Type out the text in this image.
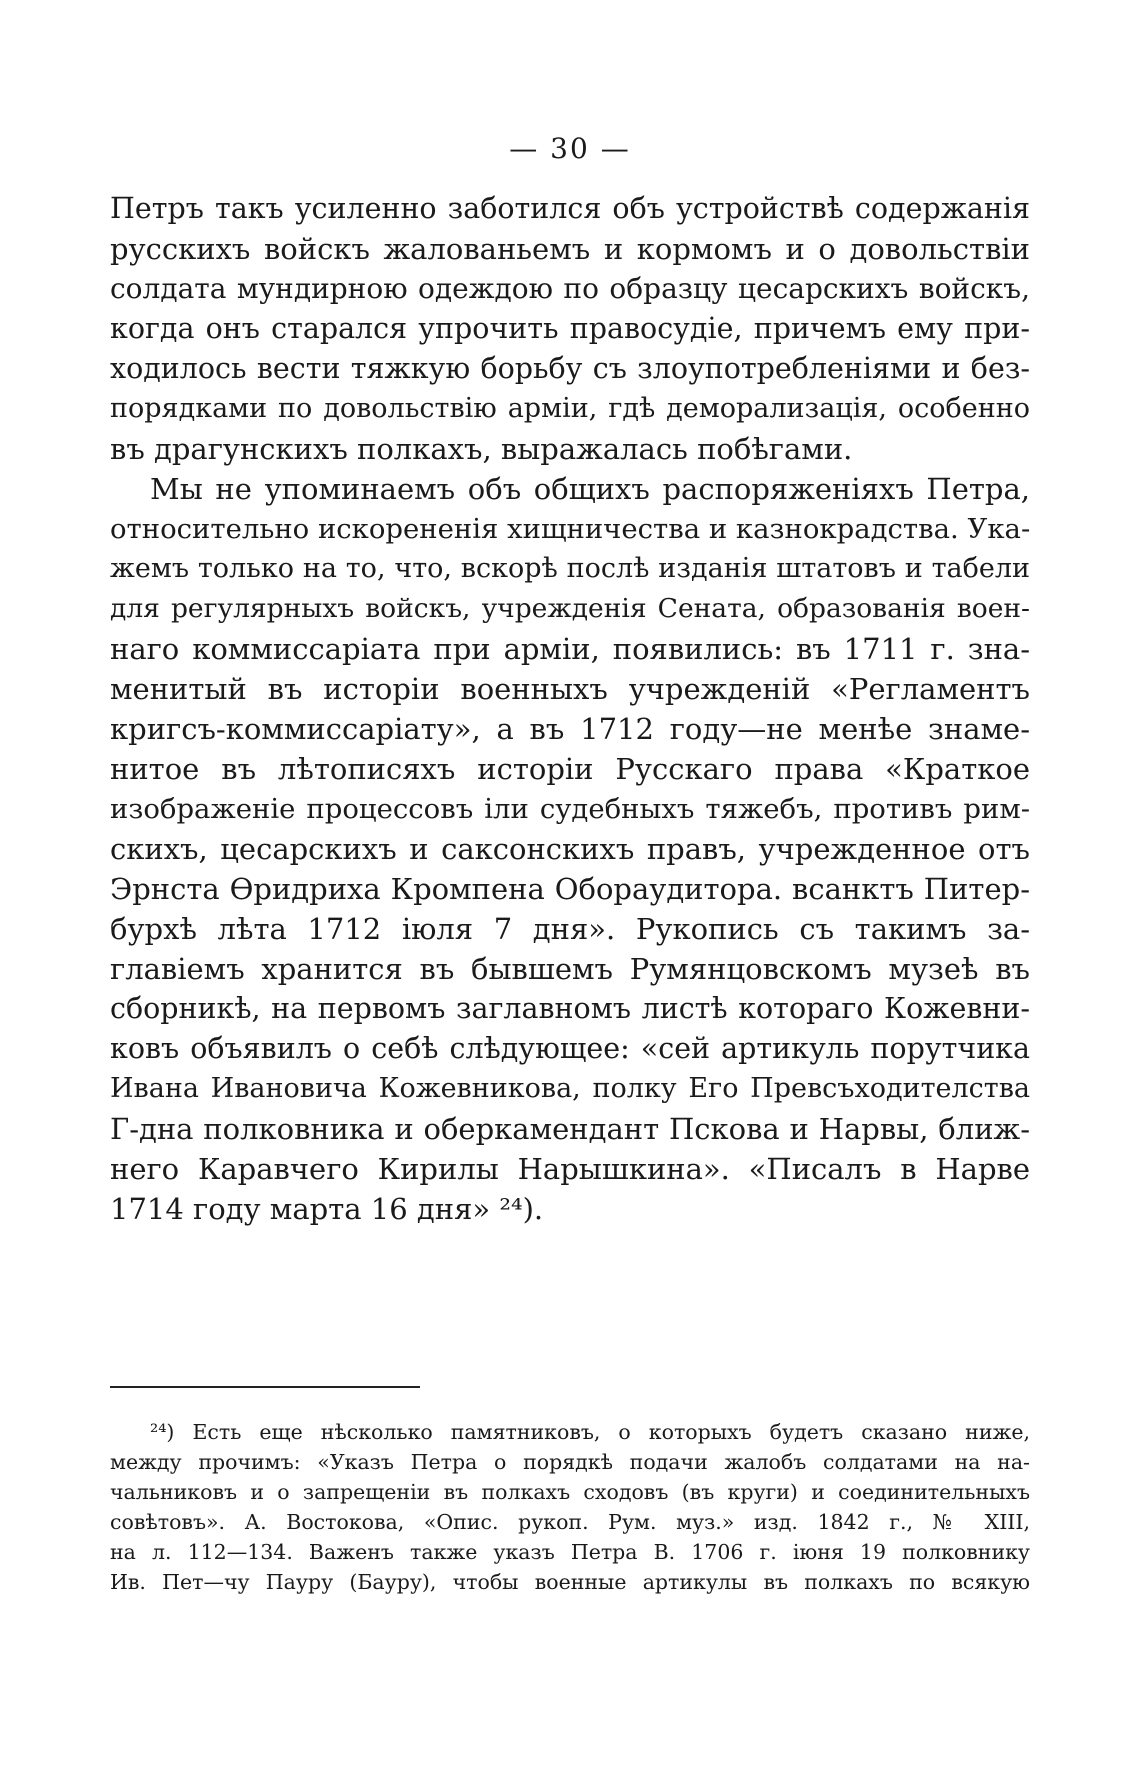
— 30 —
Петръ такъ усиленно заботился объ устройствѣ содержанія
русскихъ войскъ жалованьемъ и кормомъ и о довольствіи
солдата мундирною одеждою по образцу цесарскихъ войскъ,
когда онъ старался упрочить правосудіе, причемъ ему при-
ходилось вести тяжкую борьбу съ злоупотребленіями и без-
порядками по довольствію арміи, гдѣ деморализація, особенно
въ драгунскихъ полкахъ, выражалась побѣгами.
Мы не упоминаемъ объ общихъ распоряженіяхъ Петра,
относительно искорененія хищничества и казнокрадства. Ука-
жемъ только на то, что, вскорѣ послѣ изданія штатовъ и табели
для регулярныхъ войскъ, учрежденія Сената, образованія воен-
наго коммиссаріата при арміи, появились: въ 1711 г. зна-
менитый въ исторіи военныхъ учрежденій «Регламентъ
кригсъ-коммиссаріату», а въ 1712 году—не менѣе знаме-
нитое въ лѣтописяхъ исторіи Русскаго права «Краткое
изображеніе процессовъ іли судебныхъ тяжебъ, противъ рим-
скихъ, цесарскихъ и саксонскихъ правъ, учрежденное отъ
Эрнста Өридриха Кромпена Обораудитора. всанктъ Питер-
бурхѣ лѣта 1712 іюля 7 дня». Рукопись съ такимъ за-
главіемъ хранится въ бывшемъ Румянцовскомъ музеѣ въ
сборникѣ, на первомъ заглавномъ листѣ котораго Кожевни-
ковъ объявилъ о себѣ слѣдующее: «сей артикуль порутчика
Ивана Ивановича Кожевникова, полку Его Превсъходителства
Г-дна полковника и оберкамендант Пскова и Нарвы, ближ-
него Каравчего Кирилы Нарышкина». «Писалъ в Нарве
1714 году марта 16 дня» ²⁴).
²⁴) Есть еще нѣсколько памятниковъ, о которыхъ будетъ сказано ниже,
между прочимъ: «Указъ Петра о порядкѣ подачи жалобъ солдатами на на-
чальниковъ и о запрещеніи въ полкахъ сходовъ (въ круги) и соединительныхъ
совѣтовъ». А. Востокова, «Опис. рукоп. Рум. муз.» изд. 1842 г., № XIII,
на л. 112—134. Важенъ также указъ Петра В. 1706 г. іюня 19 полковнику
Ив. Пет—чу Пауру (Бауру), чтобы военные артикулы въ полкахъ по всякую
